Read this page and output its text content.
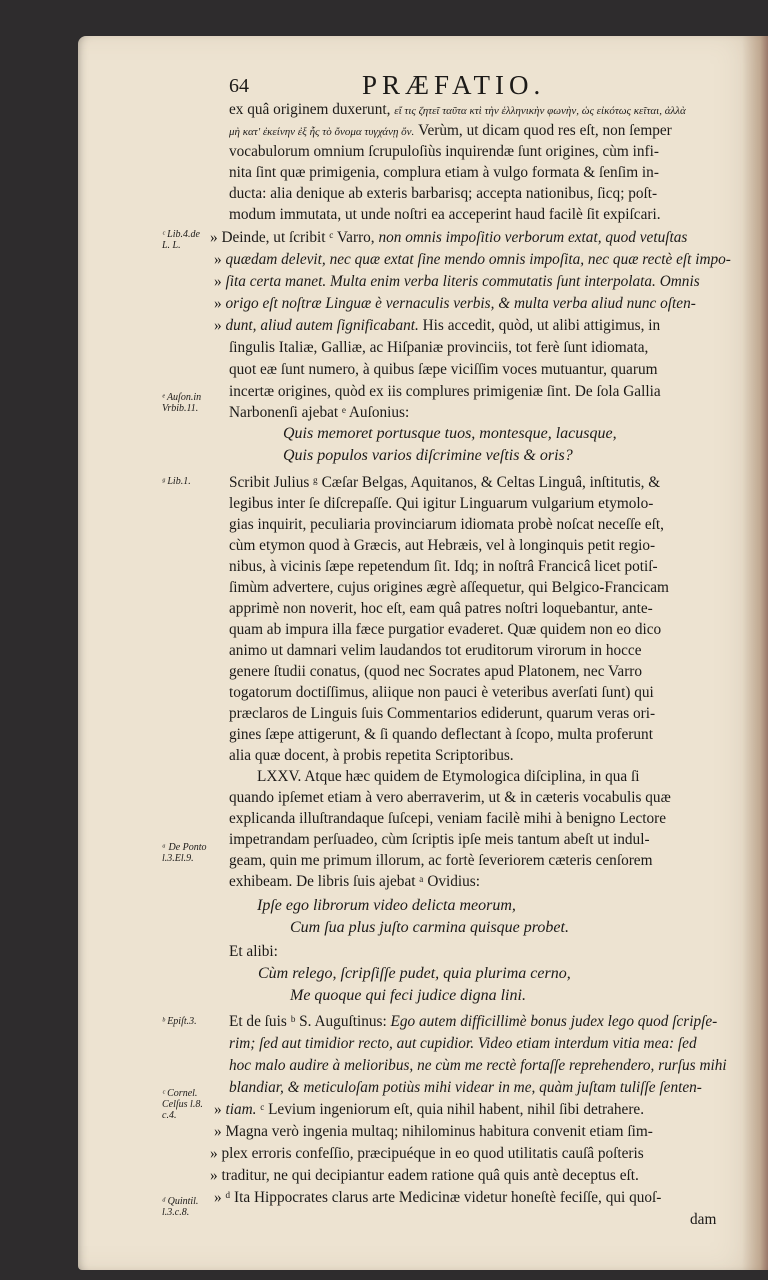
64	PRÆFATIO.
ex quâ originem duxerunt, εἴ τις ζητεῖ ταῦτα κτὶ τὴν ἑλληνικὴν φωνὴν, ὡς εἰκότως κεῖται, ἀλλὰ
μὴ κατ' ἐκείνην ἐξ ἧς τὸ ὄνομα τυγχάνῃ ὄν. Verùm, ut dicam quod res eſt, non ſemper
vocabulorum omnium ſcrupuloſiùs inquirendæ ſunt origines, cùm infi-
nita ſint quæ primigenia, complura etiam à vulgo formata & ſenſim in-
ducta: alia denique ab exteris barbarisq; accepta nationibus, ſicq; poſt-
modum immutata, ut unde noſtri ea acceperint haud facilè ſit expiſcari.
» Deinde, ut ſcribit ᶜ Varro, non omnis impoſitio verborum extat, quod vetuſtas
» quædam delevit, nec quæ extat ſine mendo omnis impoſita, nec quæ rectè eſt impo-
» ſita certa manet. Multa enim verba literis commutatis ſunt interpolata. Omnis
» origo eſt noſtræ Linguæ è vernaculis verbis, & multa verba aliud nunc oſten-
» dunt, aliud autem ſignificabant. His accedit, quòd, ut alibi attigimus, in
ſingulis Italiæ, Galliæ, ac Hiſpaniæ provinciis, tot ferè ſunt idiomata,
quot eæ ſunt numero, à quibus ſæpe viciſſim voces mutuantur, quarum
incertæ origines, quòd ex iis complures primigeniæ ſint. De ſola Gallia
Narbonenſi ajebat ᵉ Auſonius:
Quis memoret portusque tuos, montesque, lacusque,
Quis populos varios diſcrimine veſtis & oris?
Scribit Julius ᵍ Cæſar Belgas, Aquitanos, & Celtas Linguâ, inſtitutis, &
legibus inter ſe diſcrepaſſe. Qui igitur Linguarum vulgarium etymolo-
gias inquirit, peculiaria provinciarum idiomata probè noſcat neceſſe eſt,
cùm etymon quod à Græcis, aut Hebræis, vel à longinquis petit regio-
nibus, à vicinis ſæpe repetendum ſit. Idq; in noſtrâ Francicâ licet potiſ-
ſimùm advertere, cujus origines ægrè aſſequetur, qui Belgico-Francicam
apprimè non noverit, hoc eſt, eam quâ patres noſtri loquebantur, ante-
quam ab impura illa fæce purgatior evaderet. Quæ quidem non eo dico
animo ut damnari velim laudandos tot eruditorum virorum in hocce
genere ſtudii conatus, (quod nec Socrates apud Platonem, nec Varro
togatorum doctiſſimus, aliique non pauci è veteribus averſati ſunt) qui
præclaros de Linguis ſuis Commentarios ediderunt, quarum veras ori-
gines ſæpe attigerunt, & ſi quando deflectant à ſcopo, multa proferunt
alia quæ docent, à probis repetita Scriptoribus.
LXXV. Atque hæc quidem de Etymologica diſciplina, in qua ſi
quando ipſemet etiam à vero aberraverim, ut & in cæteris vocabulis quæ
explicanda illuſtrandaque ſuſcepi, veniam facilè mihi à benigno Lectore
impetrandam perſuadeo, cùm ſcriptis ipſe meis tantum abeſt ut indul-
geam, quin me primum illorum, ac fortè ſeveriorem cæteris cenſorem
exhibeam. De libris ſuis ajebat ᵃ Ovidius:
Ipſe ego librorum video delicta meorum,
Cum ſua plus juſto carmina quisque probet.
Et alibi:
Cùm relego, ſcripſiſſe pudet, quia plurima cerno,
Me quoque qui feci judice digna lini.
Et de ſuis ᵇ S. Auguſtinus: Ego autem difficillimè bonus judex lego quod ſcripſe-
rim; ſed aut timidior recto, aut cupidior. Video etiam interdum vitia mea: ſed
hoc malo audire à melioribus, ne cùm me rectè fortaſſe reprehendero, rurſus mihi
blandiar, & meticuloſam potiùs mihi videar in me, quàm juſtam tuliſſe ſenten-
» tiam. ᶜ Levium ingeniorum eſt, quia nihil habent, nihil ſibi detrahere.
» Magna verò ingenia multaq; nihilominus habitura convenit etiam ſim-
» plex erroris confeſſio, præcipuéque in eo quod utilitatis cauſâ poſteris
» traditur, ne qui decipiantur eadem ratione quâ quis antè deceptus eſt.
» ᵈ Ita Hippocrates clarus arte Medicinæ videtur honeſtè feciſſe, qui quoſ-
dam
ᶜ Lib.4.de
L. L.
ᵉ Auſon.in
Vrbib.11.
ᵍ Lib.1.
ᵃ De Ponto
l.3.El.9.
ᵇ Epiſt.3.
ᶜ Cornel.
Celſus l.8.
c.4.
ᵈ Quintil.
l.3.c.8.
